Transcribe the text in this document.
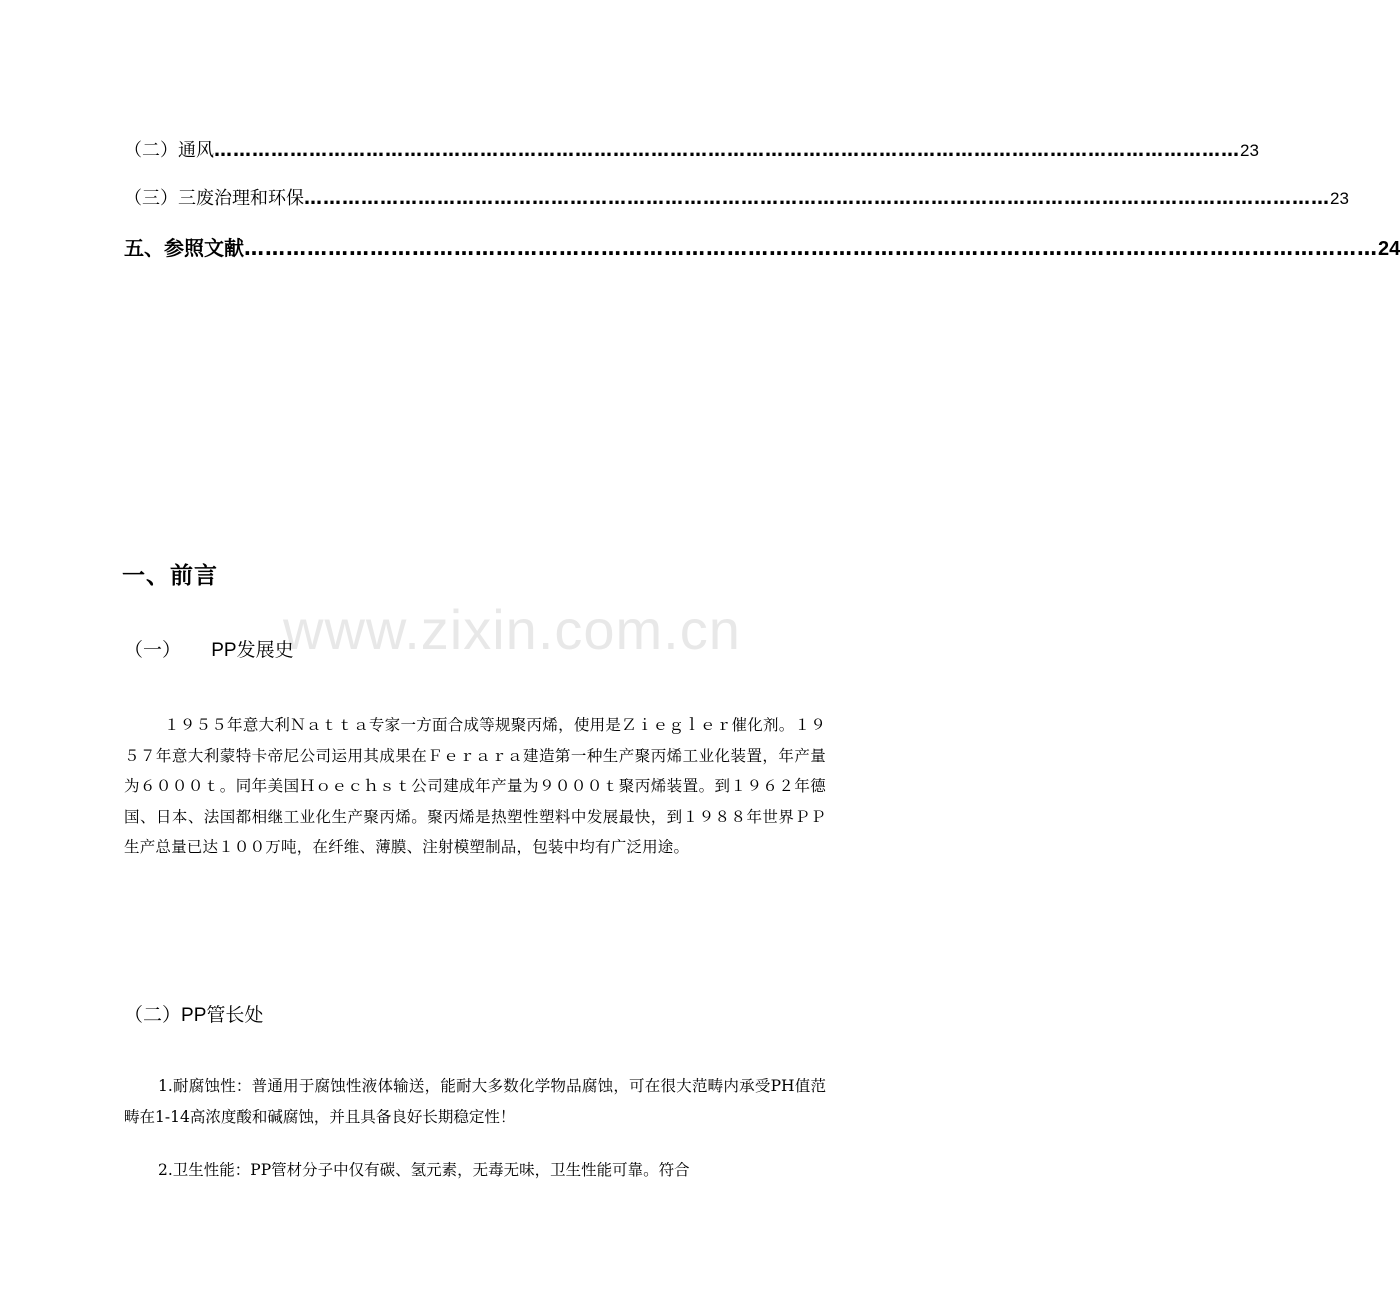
（二）通风 ……………………………………………………………………………………………………………………………………………… 23
（三）三废治理和环保 ……………………………………………………………………………………………………………………………………………… 23
五、参照文献 ……………………………………………………………………………………………………………………………………………… 24
www.zixin.com.cn
一、前言
（一） PP发展史

１９５５年意大利Ｎａｔｔａ专家一方面合成等规聚丙烯，使用是Ｚｉｅｇｌｅｒ催化剂。１９５７年意大利蒙特卡帝尼公司运用其成果在Ｆｅｒａｒａ建造第一种生产聚丙烯工业化装置，年产量为６０００ｔ。同年美国Ｈｏｅｃｈｓｔ公司建成年产量为９０００ｔ聚丙烯装置。到１９６２年德国、日本、法国都相继工业化生产聚丙烯。聚丙烯是热塑性塑料中发展最快，到１９８８年世界ＰＰ生产总量已达１００万吨，在纤维、薄膜、注射模塑制品，包装中均有广泛用途。

（二）PP管长处

1.耐腐蚀性：普通用于腐蚀性液体输送，能耐大多数化学物品腐蚀，可在很大范畴内承受PH值范畴在1-14高浓度酸和碱腐蚀，并且具备良好长期稳定性！

2.卫生性能：PP管材分子中仅有碳、氢元素，无毒无味，卫生性能可靠。符合
